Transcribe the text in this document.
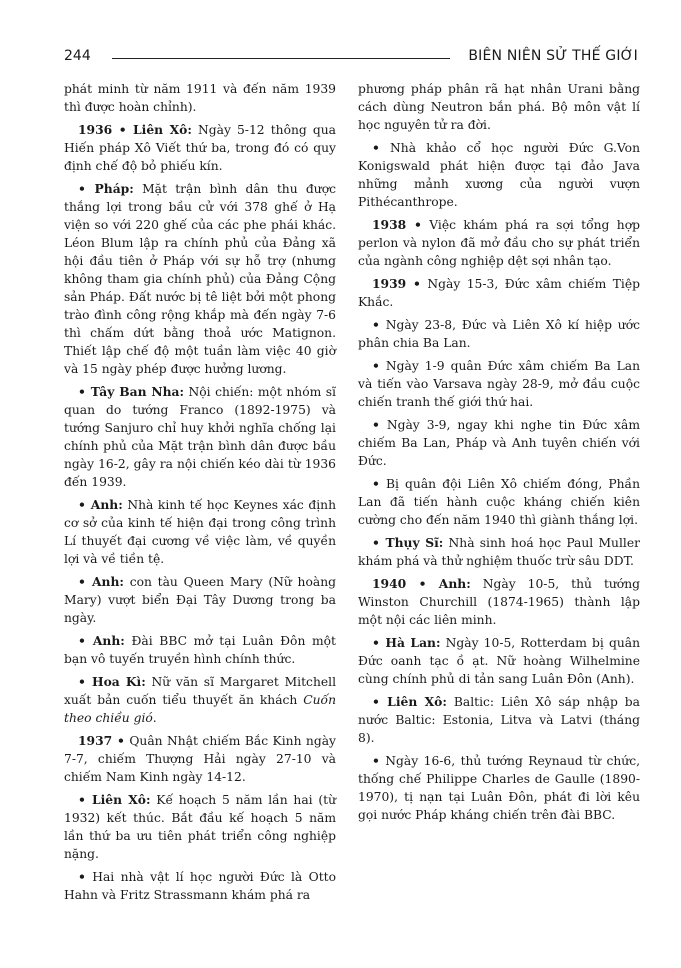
244	BIÊN NIÊN SỬ THẾ GIỚI

phát minh từ năm 1911 và đến năm 1939 thì được hoàn chỉnh).

1936 • Liên Xô: Ngày 5-12 thông qua Hiến pháp Xô Viết thứ ba, trong đó có quy định chế độ bỏ phiếu kín.

• Pháp: Mặt trận bình dân thu được thắng lợi trong bầu cử với 378 ghế ở Hạ viện so với 220 ghế của các phe phái khác. Léon Blum lập ra chính phủ của Đảng xã hội đầu tiên ở Pháp với sự hỗ trợ (nhưng không tham gia chính phủ) của Đảng Cộng sản Pháp. Đất nước bị tê liệt bởi một phong trào đình công rộng khắp mà đến ngày 7-6 thì chấm dứt bằng thoả ước Matignon. Thiết lập chế độ một tuần làm việc 40 giờ và 15 ngày phép được hưởng lương.

• Tây Ban Nha: Nội chiến: một nhóm sĩ quan do tướng Franco (1892-1975) và tướng Sanjuro chỉ huy khởi nghĩa chống lại chính phủ của Mặt trận bình dân được bầu ngày 16-2, gây ra nội chiến kéo dài từ 1936 đến 1939.

• Anh: Nhà kinh tế học Keynes xác định cơ sở của kinh tế hiện đại trong công trình Lí thuyết đại cương về việc làm, về quyền lợi và về tiền tệ.

• Anh: con tàu Queen Mary (Nữ hoàng Mary) vượt biển Đại Tây Dương trong ba ngày.

• Anh: Đài BBC mở tại Luân Đôn một bạn vô tuyến truyền hình chính thức.

• Hoa Kì: Nữ văn sĩ Margaret Mitchell xuất bản cuốn tiểu thuyết ăn khách Cuốn theo chiều gió.

1937 • Quân Nhật chiếm Bắc Kinh ngày 7-7, chiếm Thượng Hải ngày 27-10 và chiếm Nam Kinh ngày 14-12.

• Liên Xô: Kế hoạch 5 năm lần hai (từ 1932) kết thúc. Bắt đầu kế hoạch 5 năm lần thứ ba ưu tiên phát triển công nghiệp nặng.

• Hai nhà vật lí học người Đức là Otto Hahn và Fritz Strassmann khám phá ra

phương pháp phân rã hạt nhân Urani bằng cách dùng Neutron bắn phá. Bộ môn vật lí học nguyên tử ra đời.

• Nhà khảo cổ học người Đức G.Von Konigswald phát hiện được tại đảo Java những mảnh xương của người vượn Pithécanthrope.

1938 • Việc khám phá ra sợi tổng hợp perlon và nylon đã mở đầu cho sự phát triển của ngành công nghiệp dệt sợi nhân tạo.

1939 • Ngày 15-3, Đức xâm chiếm Tiệp Khắc.

• Ngày 23-8, Đức và Liên Xô kí hiệp ước phân chia Ba Lan.

• Ngày 1-9 quân Đức xâm chiếm Ba Lan và tiến vào Varsava ngày 28-9, mở đầu cuộc chiến tranh thế giới thứ hai.

• Ngày 3-9, ngay khi nghe tin Đức xâm chiếm Ba Lan, Pháp và Anh tuyên chiến với Đức.

• Bị quân đội Liên Xô chiếm đóng, Phần Lan đã tiến hành cuộc kháng chiến kiên cường cho đến năm 1940 thì giành thắng lợi.

• Thụy Sĩ: Nhà sinh hoá học Paul Muller khám phá và thử nghiệm thuốc trừ sâu DDT.

1940 • Anh: Ngày 10-5, thủ tướng Winston Churchill (1874-1965) thành lập một nội các liên minh.

• Hà Lan: Ngày 10-5, Rotterdam bị quân Đức oanh tạc ồ ạt. Nữ hoàng Wilhelmine cùng chính phủ di tản sang Luân Đôn (Anh).

• Liên Xô: Baltic: Liên Xô sáp nhập ba nước Baltic: Estonia, Litva và Latvi (tháng 8).

• Ngày 16-6, thủ tướng Reynaud từ chức, thống chế Philippe Charles de Gaulle (1890-1970), tị nạn tại Luân Đôn, phát đi lời kêu gọi nước Pháp kháng chiến trên đài BBC.
